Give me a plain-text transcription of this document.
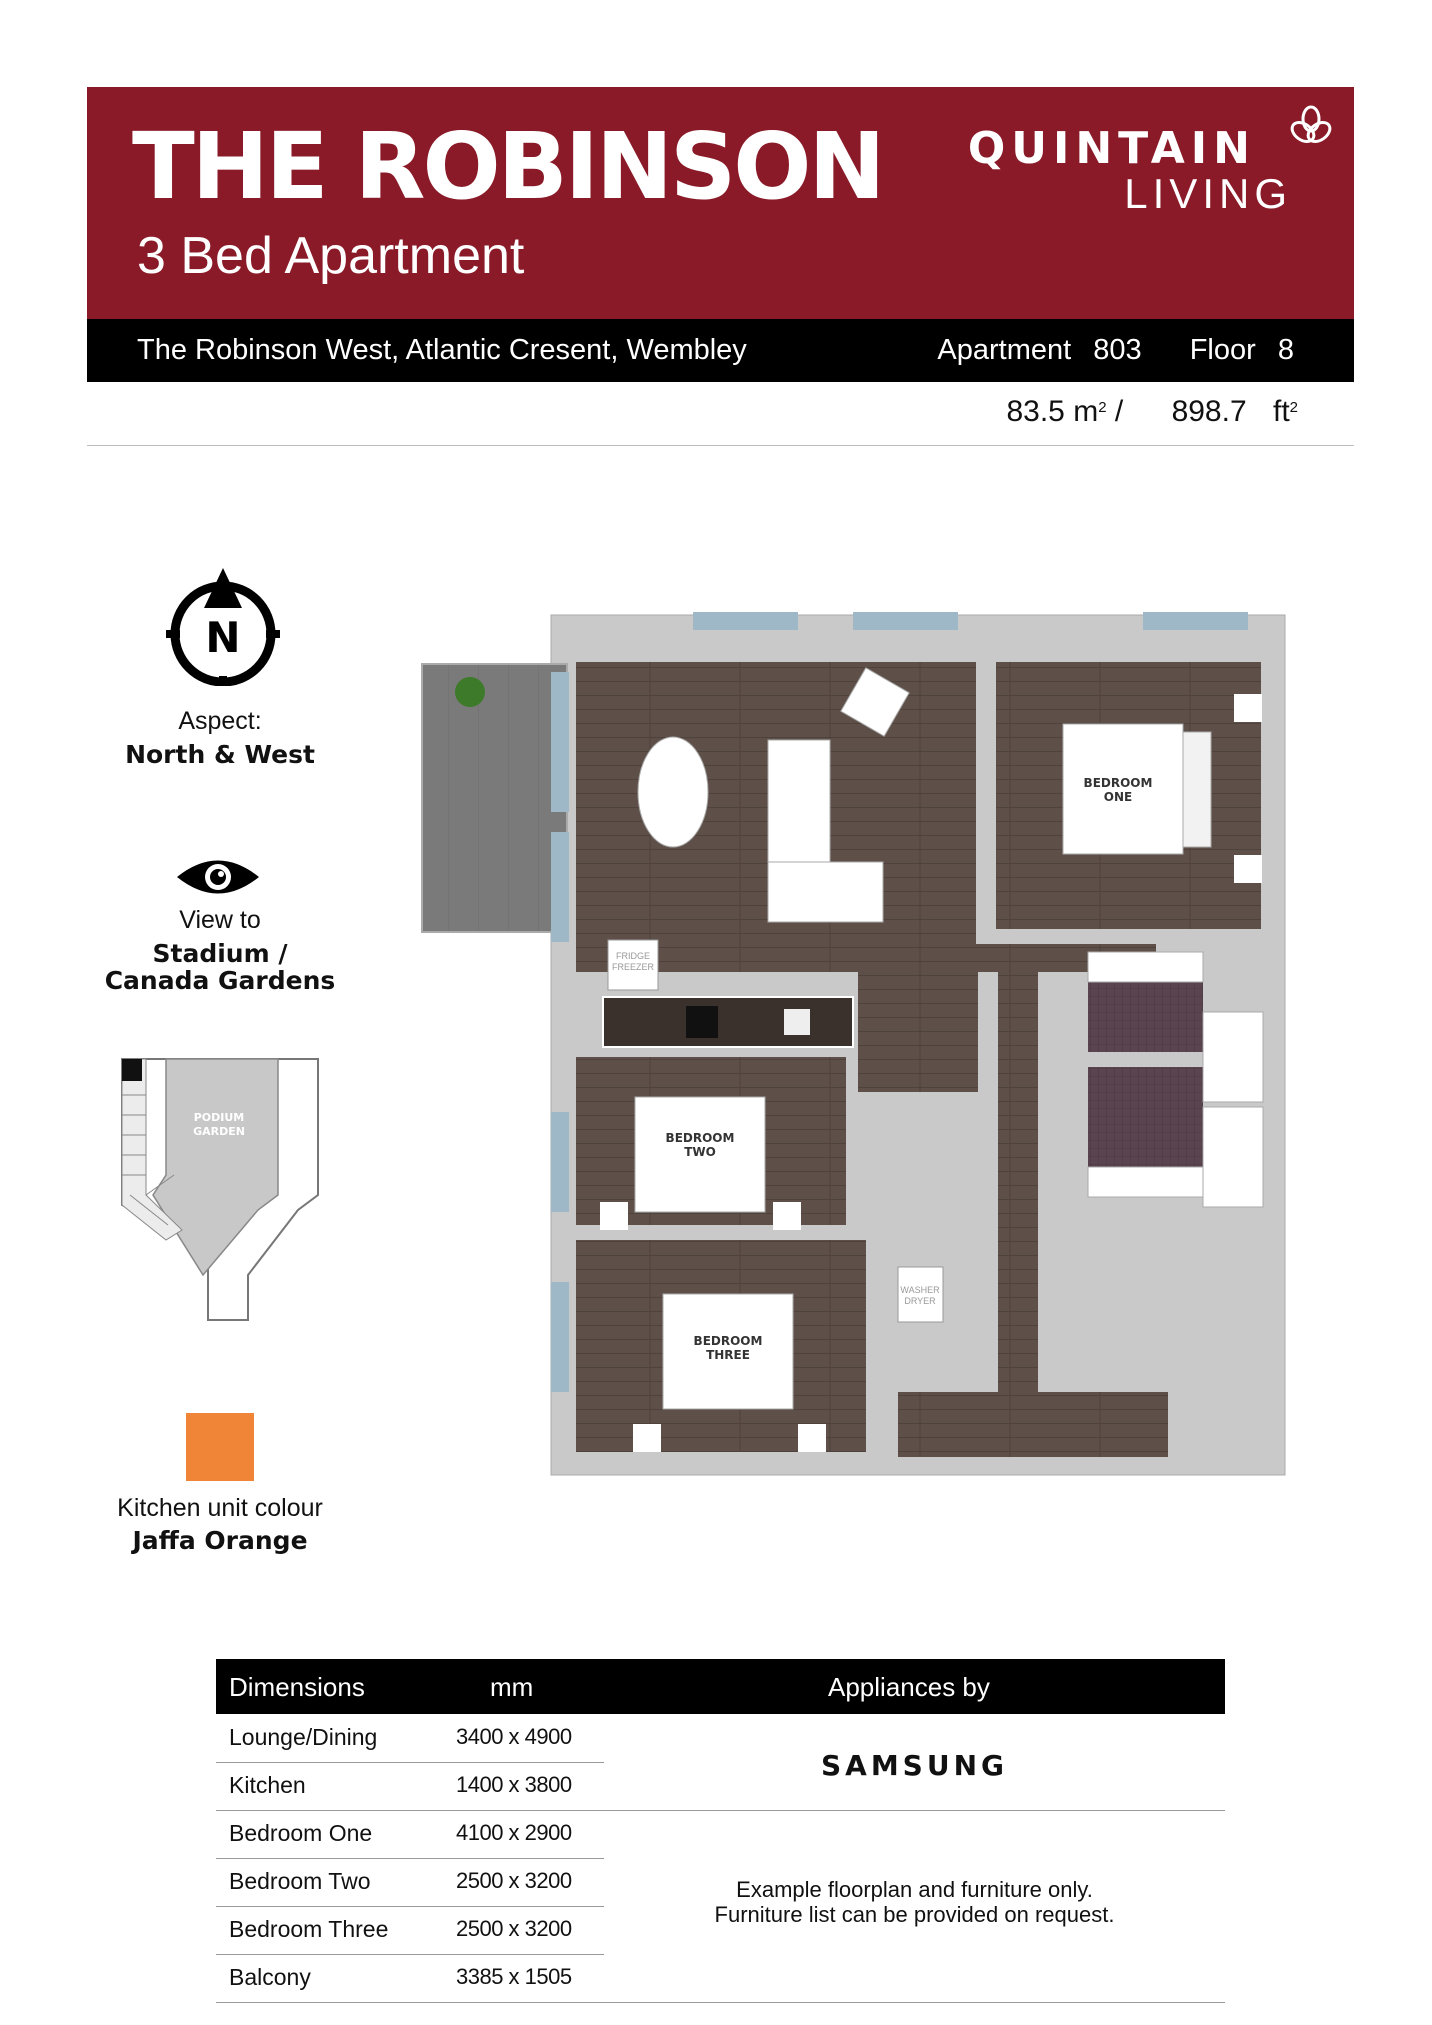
THE ROBINSON
3 Bed Apartment
QUINTAIN
LIVING
The Robinson West, Atlantic Cresent, Wembley	Apartment 803 Floor 8
83.5 $m^2 / 898.7$ $ft^2$
N
Aspect:
North & West
View to
Stadium /
Canada Gardens
PODIUM
GARDEN
Kitchen unit colour
Jaffa Orange
FRIDGE
FREEZER
BEDROOM
ONE
BEDROOM
TWO
WASHER
DRYER
BEDROOM
THREE
Dimensions	mm	Appliances by
Lounge/Dining	3400 x 4900
Kitchen	1400 x 3800
Bedroom One	4100 x 2900
Bedroom Two	2500 x 3200
Bedroom Three	2500 x 3200
Balcony	3385 x 1505
SAMSUNG
Example floorplan and furniture only.
Furniture list can be provided on request.
